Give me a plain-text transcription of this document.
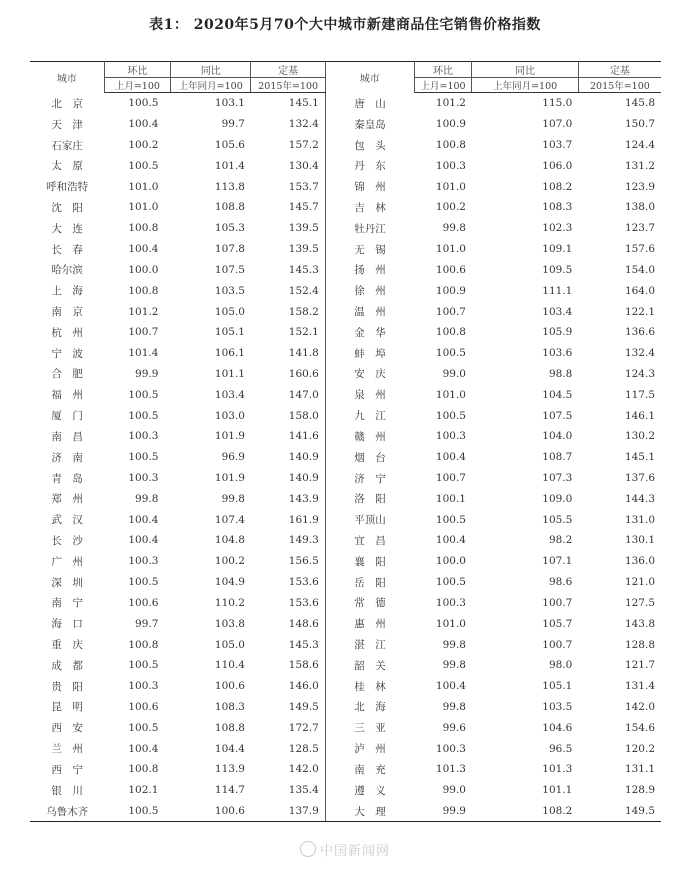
表1： 2020年5月70个大中城市新建商品住宅销售价格指数
城市	环比	同比	定基	城市	环比	同比	定基
	上月=100	上年同月=100	2015年=100		上月=100	上年同月=100	2015年=100
北　京	100.5	103.1	145.1	唐　山	101.2	115.0	145.8
天　津	100.4	99.7	132.4	秦皇岛	100.9	107.0	150.7
石家庄	100.2	105.6	157.2	包　头	100.8	103.7	124.4
太　原	100.5	101.4	130.4	丹　东	100.3	106.0	131.2
呼和浩特	101.0	113.8	153.7	锦　州	101.0	108.2	123.9
沈　阳	101.0	108.8	145.7	吉　林	100.2	108.3	138.0
大　连	100.8	105.3	139.5	牡丹江	99.8	102.3	123.7
长　春	100.4	107.8	139.5	无　锡	101.0	109.1	157.6
哈尔滨	100.0	107.5	145.3	扬　州	100.6	109.5	154.0
上　海	100.8	103.5	152.4	徐　州	100.9	111.1	164.0
南　京	101.2	105.0	158.2	温　州	100.7	103.4	122.1
杭　州	100.7	105.1	152.1	金　华	100.8	105.9	136.6
宁　波	101.4	106.1	141.8	蚌　埠	100.5	103.6	132.4
合　肥	99.9	101.1	160.6	安　庆	99.0	98.8	124.3
福　州	100.5	103.4	147.0	泉　州	101.0	104.5	117.5
厦　门	100.5	103.0	158.0	九　江	100.5	107.5	146.1
南　昌	100.3	101.9	141.6	赣　州	100.3	104.0	130.2
济　南	100.5	96.9	140.9	烟　台	100.4	108.7	145.1
青　岛	100.3	101.9	140.9	济　宁	100.7	107.3	137.6
郑　州	99.8	99.8	143.9	洛　阳	100.1	109.0	144.3
武　汉	100.4	107.4	161.9	平顶山	100.5	105.5	131.0
长　沙	100.4	104.8	149.3	宜　昌	100.4	98.2	130.1
广　州	100.3	100.2	156.5	襄　阳	100.0	107.1	136.0
深　圳	100.5	104.9	153.6	岳　阳	100.5	98.6	121.0
南　宁	100.6	110.2	153.6	常　德	100.3	100.7	127.5
海　口	99.7	103.8	148.6	惠　州	101.0	105.7	143.8
重　庆	100.8	105.0	145.3	湛　江	99.8	100.7	128.8
成　都	100.5	110.4	158.6	韶　关	99.8	98.0	121.7
贵　阳	100.3	100.6	146.0	桂　林	100.4	105.1	131.4
昆　明	100.6	108.3	149.5	北　海	99.8	103.5	142.0
西　安	100.5	108.8	172.7	三　亚	99.6	104.6	154.6
兰　州	100.4	104.4	128.5	泸　州	100.3	96.5	120.2
西　宁	100.8	113.9	142.0	南　充	101.3	101.3	131.1
银　川	102.1	114.7	135.4	遵　义	99.0	101.1	128.9
乌鲁木齐	100.5	100.6	137.9	大　理	99.9	108.2	149.5
中国新闻网
